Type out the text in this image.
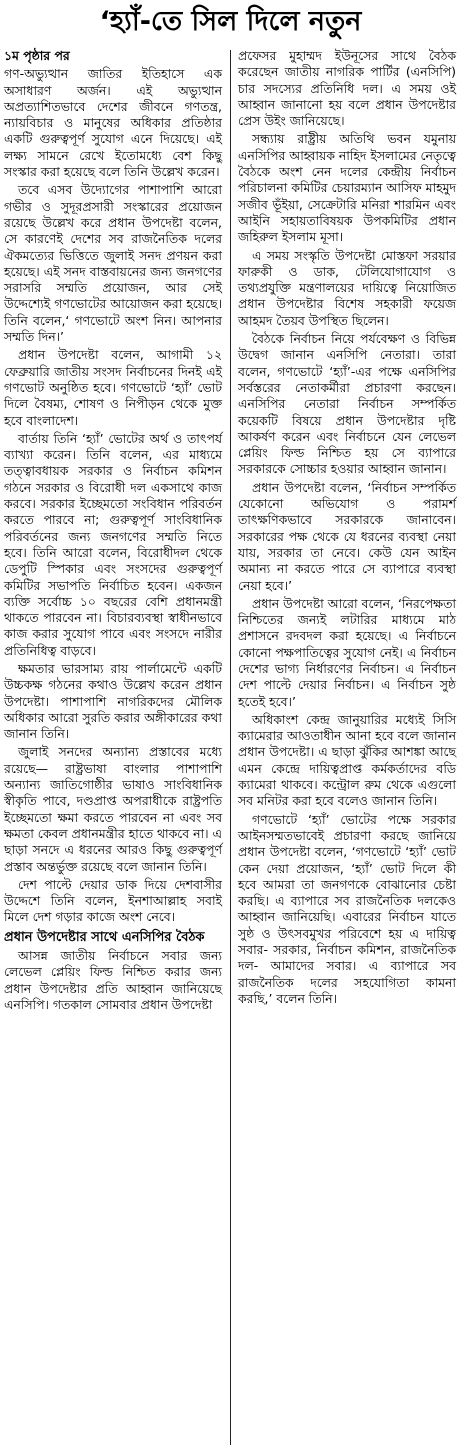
‘হ্যাঁ-তে সিল দিলে নতুন

১ম পৃষ্ঠার পর

গণ-অভ্যুত্থান জাতির ইতিহাসে এক অসাধারণ অর্জন। এই অভ্যুত্থান অপ্রত্যাশিতভাবে দেশের জীবনে গণতন্ত্র, ন্যায়বিচার ও মানুষের অধিকার প্রতিষ্ঠার একটি গুরুত্বপূর্ণ সুযোগ এনে দিয়েছে। এই লক্ষ্য সামনে রেখে ইতোমধ্যে বেশ কিছু সংস্কার করা হয়েছে বলে তিনি উল্লেখ করেন।

তবে এসব উদ্যোগের পাশাপাশি আরো গভীর ও সুদূরপ্রসারী সংস্কারের প্রয়োজন রয়েছে উল্লেখ করে প্রধান উপদেষ্টা বলেন, সে কারণেই দেশের সব রাজনৈতিক দলের ঐকমত্যের ভিত্তিতে জুলাই সনদ প্রণয়ন করা হয়েছে। এই সনদ বাস্তবায়নের জন্য জনগণের সরাসরি সম্মতি প্রয়োজন, আর সেই উদ্দেশ্যেই গণভোটের আয়োজন করা হয়েছে। তিনি বলেন,‘ গণভোটে অংশ নিন। আপনার সম্মতি দিন।’

প্রধান উপদেষ্টা বলেন, আগামী ১২ ফেব্রুয়ারি জাতীয় সংসদ নির্বাচনের দিনই এই গণভোট অনুষ্ঠিত হবে। গণভোটে ‘হ্যাঁ’ ভোট দিলে বৈষম্য, শোষণ ও নিপীড়ন থেকে মুক্ত হবে বাংলাদেশ।

বার্তায় তিনি ‘হ্যাঁ’ ভোটের অর্থ ও তাৎপর্য ব্যাখ্যা করেন। তিনি বলেন, এর মাধ্যমে তত্ত্বাবধায়ক সরকার ও নির্বাচন কমিশন গঠনে সরকার ও বিরোধী দল একসাথে কাজ করবে। সরকার ইচ্ছেমতো সংবিধান পরিবর্তন করতে পারবে না; গুরুত্বপূর্ণ সাংবিধানিক পরিবর্তনের জন্য জনগণের সম্মতি নিতে হবে। তিনি আরো বলেন, বিরোধীদল থেকে ডেপুটি স্পিকার এবং সংসদের গুরুত্বপূর্ণ কমিটির সভাপতি নির্বাচিত হবেন। একজন ব্যক্তি সর্বোচ্চ ১০ বছরের বেশি প্রধানমন্ত্রী থাকতে পারবেন না। বিচারব্যবস্থা স্বাধীনভাবে কাজ করার সুযোগ পাবে এবং সংসদে নারীর প্রতিনিধিত্ব বাড়বে।

ক্ষমতার ভারসাম্য রায় পার্লামেন্টে একটি উচ্চকক্ষ গঠনের কথাও উল্লেখ করেন প্রধান উপদেষ্টা। পাশাপাশি নাগরিকদের মৌলিক অধিকার আরো সুরতি করার অঙ্গীকারের কথা জানান তিনি।

জুলাই সনদের অন্যান্য প্রস্তাবের মধ্যে রয়েছে— রাষ্ট্রভাষা বাংলার পাশাপাশি অন্যান্য জাতিগোষ্ঠীর ভাষাও সাংবিধানিক স্বীকৃতি পাবে, দণ্ডপ্রাপ্ত অপরাধীকে রাষ্ট্রপতি ইচ্ছেমতো ক্ষমা করতে পারবেন না এবং সব ক্ষমতা কেবল প্রধানমন্ত্রীর হাতে থাকবে না। এ ছাড়া সনদে এ ধরনের আরও কিছু গুরুত্বপূর্ণ প্রস্তাব অন্তর্ভুক্ত রয়েছে বলে জানান তিনি।

দেশ পাল্টে দেয়ার ডাক দিয়ে দেশবাসীর উদ্দেশে তিনি বলেন, ইনশাআল্লাহ সবাই মিলে দেশ গড়ার কাজে অংশ নেবে।

প্রধান উপদেষ্টার সাথে এনসিপির বৈঠক

আসন্ন জাতীয় নির্বাচনে সবার জন্য লেভেল প্লেয়িং ফিল্ড নিশ্চিত করার জন্য প্রধান উপদেষ্টার প্রতি আহ্বান জানিয়েছে এনসিপি। গতকাল সোমবার প্রধান উপদেষ্টা

প্রফেসর মুহাম্মদ ইউনূসের সাথে বৈঠক করেছেন জাতীয় নাগরিক পার্টির (এনসিপি) চার সদস্যের প্রতিনিধি দল। এ সময় ওই আহ্বান জানানো হয় বলে প্রধান উপদেষ্টার প্রেস উইং জানিয়েছে।

সন্ধ্যায় রাষ্ট্রীয় অতিথি ভবন যমুনায় এনসিপির আহ্বায়ক নাহিদ ইসলামের নেতৃত্বে বৈঠকে অংশ নেন দলের কেন্দ্রীয় নির্বাচন পরিচালনা কমিটির চেয়ারম্যান আসিফ মাহমুদ সজীব ভূঁইয়া, সেক্রেটারি মনিরা শারমিন এবং আইনি সহায়তাবিষয়ক উপকমিটির প্রধান জহিরুল ইসলাম মূসা।

এ সময় সংস্কৃতি উপদেষ্টা মোস্তফা সরয়ার ফারুকী ও ডাক, টেলিযোগাযোগ ও তথ্যপ্রযুক্তি মন্ত্রণালয়ের দায়িত্বে নিয়োজিত প্রধান উপদেষ্টার বিশেষ সহকারী ফয়েজ আহমদ তৈয়ব উপস্থিত ছিলেন।

বৈঠকে নির্বাচন নিয়ে পর্যবেক্ষণ ও বিভিন্ন উদ্বেগ জানান এনসিপি নেতারা। তারা বলেন, গণভোটে ‘হ্যাঁ’-এর পক্ষে এনসিপির সর্বস্তরের নেতাকর্মীরা প্রচারণা করছেন। এনসিপির নেতারা নির্বাচন সম্পর্কিত কয়েকটি বিষয়ে প্রধান উপদেষ্টার দৃষ্টি আকর্ষণ করেন এবং নির্বাচনে যেন লেভেল প্লেয়িং ফিল্ড নিশ্চিত হয় সে ব্যাপারে সরকারকে সোচ্চার হওয়ার আহ্বান জানান।

প্রধান উপদেষ্টা বলেন, ‘নির্বাচন সম্পর্কিত যেকোনো অভিযোগ ও পরামর্শ তাৎক্ষণিকভাবে সরকারকে জানাবেন। সরকারের পক্ষ থেকে যে ধরনের ব্যবস্থা নেয়া যায়, সরকার তা নেবে। কেউ যেন আইন অমান্য না করতে পারে সে ব্যাপারে ব্যবস্থা নেয়া হবে।’

প্রধান উপদেষ্টা আরো বলেন, ‘নিরপেক্ষতা নিশ্চিতের জন্যই লটারির মাধ্যমে মাঠ প্রশাসনে রদবদল করা হয়েছে। এ নির্বাচনে কোনো পক্ষপাতিত্বের সুযোগ নেই। এ নির্বাচন দেশের ভাগ্য নির্ধারণের নির্বাচন। এ নির্বাচন দেশ পাল্টে দেয়ার নির্বাচন। এ নির্বাচন সুষ্ঠ হতেই হবে।’

অধিকাংশ কেন্দ্র জানুয়ারির মধ্যেই সিসি ক্যামেরার আওতাধীন আনা হবে বলে জানান প্রধান উপদেষ্টা। এ ছাড়া ঝুঁকির আশঙ্কা আছে এমন কেন্দ্রে দায়িত্বপ্রাপ্ত কর্মকর্তাদের বডি ক্যামেরা থাকবে। কন্ট্রোল রুম থেকে এগুলো সব মনিটর করা হবে বলেও জানান তিনি।

গণভোটে ‘হ্যাঁ’ ভোটের পক্ষে সরকার আইনসম্মতভাবেই প্রচারণা করছে জানিয়ে প্রধান উপদেষ্টা বলেন, ‘গণভোটে ‘হ্যাঁ’ ভোট কেন দেয়া প্রয়োজন, ‘হ্যাঁ’ ভোট দিলে কী হবে আমরা তা জনগণকে বোঝানোর চেষ্টা করছি। এ ব্যাপারে সব রাজনৈতিক দলকেও আহ্বান জানিয়েছি। এবারের নির্বাচন যাতে সুষ্ঠ ও উৎসবমুখর পরিবেশে হয় এ দায়িত্ব সবার- সরকার, নির্বাচন কমিশন, রাজনৈতিক দল- আমাদের সবার। এ ব্যাপারে সব রাজনৈতিক দলের সহযোগিতা কামনা করছি,’ বলেন তিনি।
